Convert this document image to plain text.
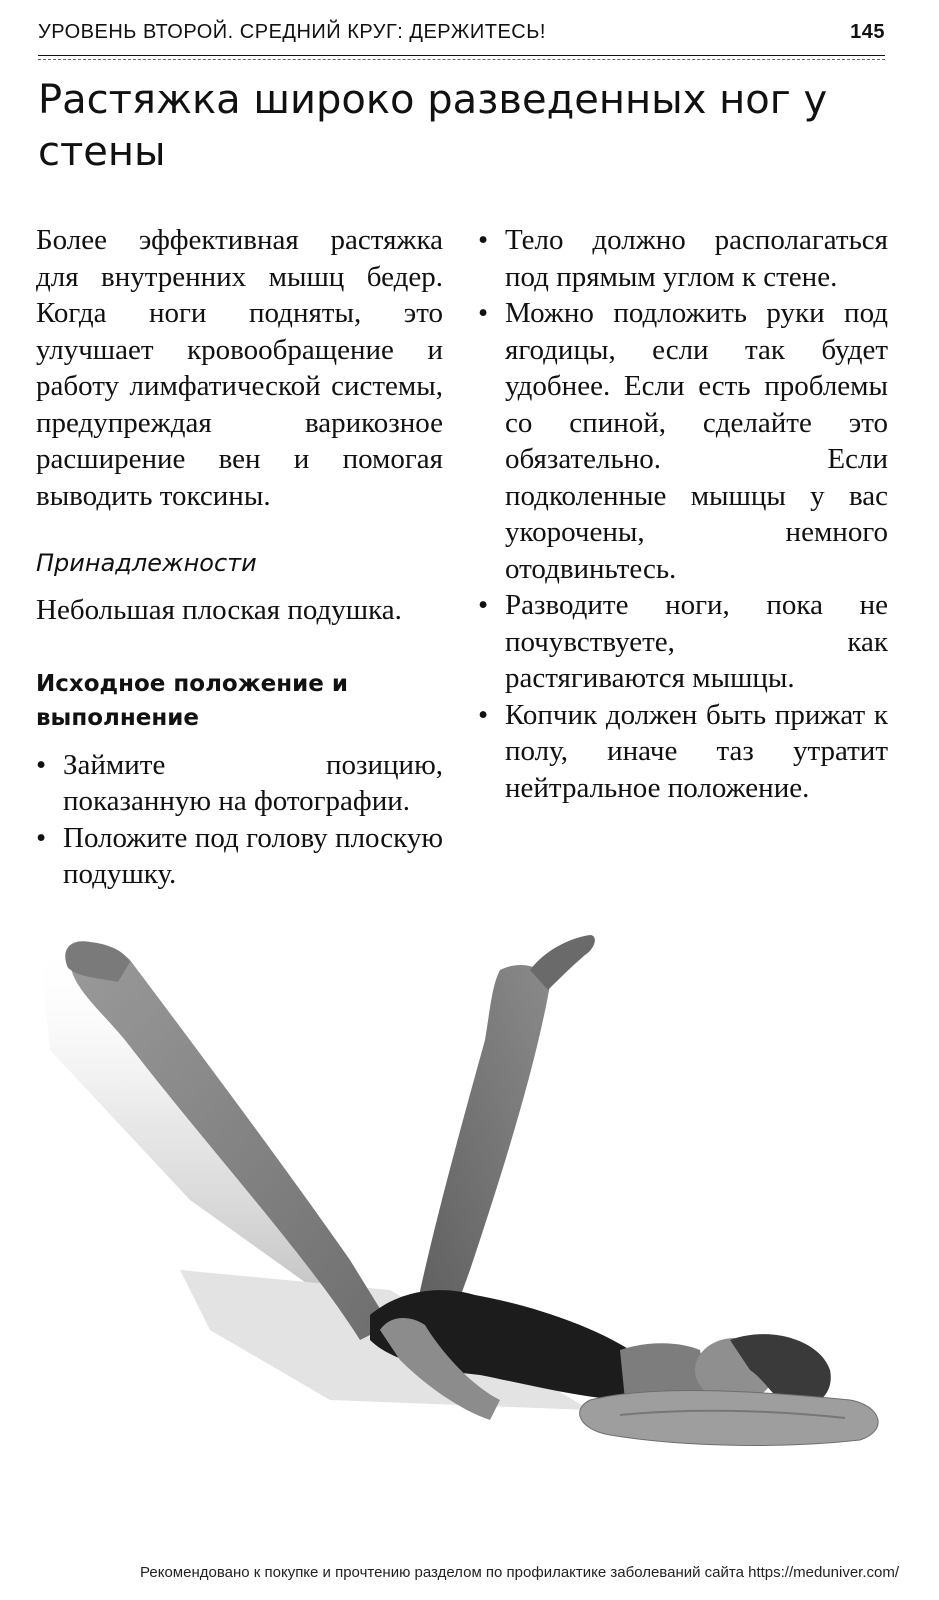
УРОВЕНЬ ВТОРОЙ. СРЕДНИЙ КРУГ: ДЕРЖИТЕСЬ!	145
Растяжка широко разведенных ног у стены

Более эффективная растяжка для внутренних мышц бедер. Когда ноги подняты, это улучшает кровообращение и работу лимфатической системы, предупреждая варикозное расширение вен и помогая выводить токсины.

Принадлежности

Небольшая плоская подушка.

Исходное положение и выполнение

• Займите позицию, показанную на фотографии.
• Положите под голову плоскую подушку.
• Тело должно располагаться под прямым углом к стене.
• Можно подложить руки под ягодицы, если так будет удобнее. Если есть проблемы со спиной, сделайте это обязательно. Если подколенные мышцы у вас укорочены, немного отодвиньтесь.
• Разводите ноги, пока не почувствуете, как растягиваются мышцы.
• Копчик должен быть прижат к полу, иначе таз утратит нейтральное положение.
Рекомендовано к покупке и прочтению разделом по профилактике заболеваний сайта https://meduniver.com/
